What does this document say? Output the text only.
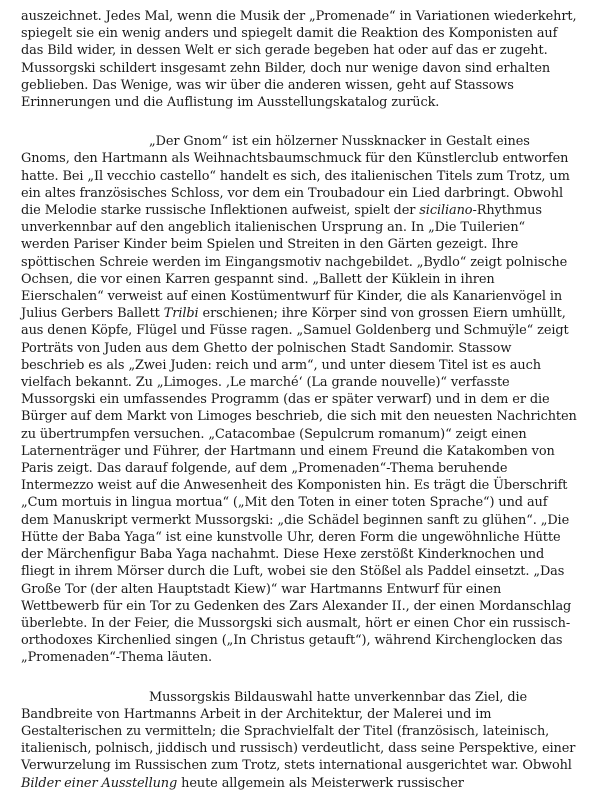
auszeichnet. Jedes Mal, wenn die Musik der „Promenade“ in Variationen wiederkehrt, spiegelt sie ein wenig anders und spiegelt damit die Reaktion des Komponisten auf das Bild wider, in dessen Welt er sich gerade begeben hat oder auf das er zugeht. Mussorgski schildert insgesamt zehn Bilder, doch nur wenige davon sind erhalten geblieben. Das Wenige, was wir über die anderen wissen, geht auf Stassows Erinnerungen und die Auflistung im Ausstellungskatalog zurück.

„Der Gnom“ ist ein hölzerner Nussknacker in Gestalt eines Gnoms, den Hartmann als Weihnachtsbaumschmuck für den Künstlerclub entworfen hatte. Bei „Il vecchio castello“ handelt es sich, des italienischen Titels zum Trotz, um ein altes französisches Schloss, vor dem ein Troubadour ein Lied darbringt. Obwohl die Melodie starke russische Inflektionen aufweist, spielt der siciliano-Rhythmus unverkennbar auf den angeblich italienischen Ursprung an. In „Die Tuilerien“ werden Pariser Kinder beim Spielen und Streiten in den Gärten gezeigt. Ihre spöttischen Schreie werden im Eingangsmotiv nachgebildet. „Bydlo“ zeigt polnische Ochsen, die vor einen Karren gespannt sind. „Ballett der Küklein in ihren Eierschalen“ verweist auf einen Kostümentwurf für Kinder, die als Kanarienvögel in Julius Gerbers Ballett Trilbi erschienen; ihre Körper sind von grossen Eiern umhüllt, aus denen Köpfe, Flügel und Füsse ragen. „Samuel Goldenberg und Schmuÿle“ zeigt Porträts von Juden aus dem Ghetto der polnischen Stadt Sandomir. Stassow beschrieb es als „Zwei Juden: reich und arm“, und unter diesem Titel ist es auch vielfach bekannt. Zu „Limoges. ‚Le marché‘ (La grande nouvelle)“ verfasste Mussorgski ein umfassendes Programm (das er später verwarf) und in dem er die Bürger auf dem Markt von Limoges beschrieb, die sich mit den neuesten Nachrichten zu übertrumpfen versuchen. „Catacombae (Sepulcrum romanum)“ zeigt einen Laternenträger und Führer, der Hartmann und einem Freund die Katakomben von Paris zeigt. Das darauf folgende, auf dem „Promenaden“-Thema beruhende Intermezzo weist auf die Anwesenheit des Komponisten hin. Es trägt die Überschrift „Cum mortuis in lingua mortua“ („Mit den Toten in einer toten Sprache“) und auf dem Manuskript vermerkt Mussorgski: „die Schädel beginnen sanft zu glühen“. „Die Hütte der Baba Yaga“ ist eine kunstvolle Uhr, deren Form die ungewöhnliche Hütte der Märchenfigur Baba Yaga nachahmt. Diese Hexe zerstößt Kinderknochen und fliegt in ihrem Mörser durch die Luft, wobei sie den Stößel als Paddel einsetzt. „Das Große Tor (der alten Hauptstadt Kiew)“ war Hartmanns Entwurf für einen Wettbewerb für ein Tor zu Gedenken des Zars Alexander II., der einen Mordanschlag überlebte. In der Feier, die Mussorgski sich ausmalt, hört er einen Chor ein russisch-orthodoxes Kirchenlied singen („In Christus getauft“), während Kirchenglocken das „Promenaden“-Thema läuten.

Mussorgskis Bildauswahl hatte unverkennbar das Ziel, die Bandbreite von Hartmanns Arbeit in der Architektur, der Malerei und im Gestalterischen zu vermitteln; die Sprachvielfalt der Titel (französisch, lateinisch, italienisch, polnisch, jiddisch und russisch) verdeutlicht, dass seine Perspektive, einer Verwurzelung im Russischen zum Trotz, stets international ausgerichtet war. Obwohl Bilder einer Ausstellung heute allgemein als Meisterwerk russischer
